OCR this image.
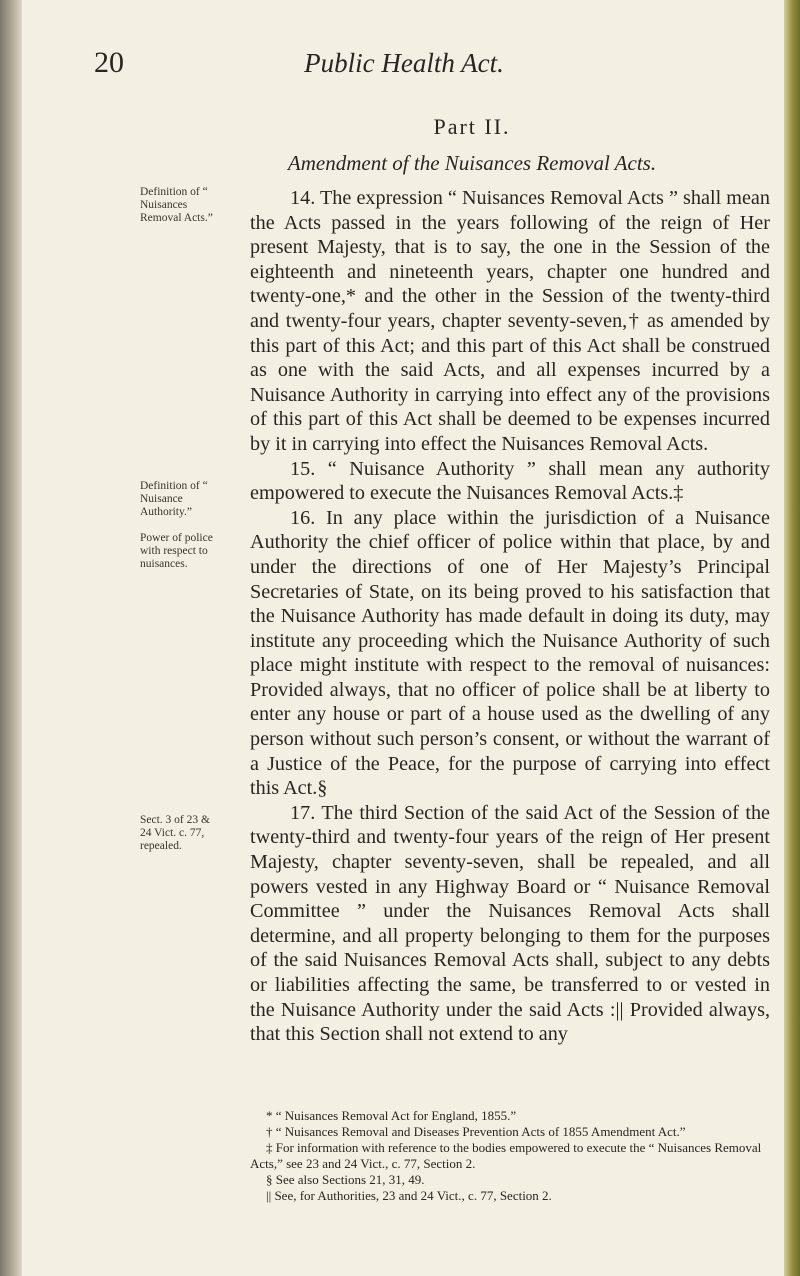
20	Public Health Act.
Part II.
Amendment of the Nuisances Removal Acts.
Definition of “ Nuisances Removal Acts.”
Definition of “ Nuisance Authority.”
Power of police with respect to nuisances.
Sect. 3 of 23 & 24 Vict. c. 77, repealed.

14. The expression “ Nuisances Removal Acts ” shall mean the Acts passed in the years following of the reign of Her present Majesty, that is to say, the one in the Session of the eighteenth and nineteenth years, chapter one hundred and twenty-one,* and the other in the Session of the twenty-third and twenty-four years, chapter seventy-seven,† as amended by this part of this Act; and this part of this Act shall be construed as one with the said Acts, and all expenses incurred by a Nuisance Authority in carrying into effect any of the provisions of this part of this Act shall be deemed to be expenses incurred by it in carrying into effect the Nuisances Removal Acts.

15. “ Nuisance Authority ” shall mean any authority empowered to execute the Nuisances Removal Acts.‡

16. In any place within the jurisdiction of a Nuisance Authority the chief officer of police within that place, by and under the directions of one of Her Majesty’s Principal Secretaries of State, on its being proved to his satisfaction that the Nuisance Authority has made default in doing its duty, may institute any proceeding which the Nuisance Authority of such place might institute with respect to the removal of nuisances: Provided always, that no officer of police shall be at liberty to enter any house or part of a house used as the dwelling of any person without such person’s consent, or without the warrant of a Justice of the Peace, for the purpose of carrying into effect this Act.§

17. The third Section of the said Act of the Session of the twenty-third and twenty-four years of the reign of Her present Majesty, chapter seventy-seven, shall be repealed, and all powers vested in any Highway Board or “ Nuisance Removal Committee ” under the Nuisances Removal Acts shall determine, and all property belonging to them for the purposes of the said Nuisances Removal Acts shall, subject to any debts or liabilities affecting the same, be transferred to or vested in the Nuisance Authority under the said Acts :|| Provided always, that this Section shall not extend to any

* “ Nuisances Removal Act for England, 1855.”

† “ Nuisances Removal and Diseases Prevention Acts of 1855 Amendment Act.”

‡ For information with reference to the bodies empowered to execute the “ Nuisances Removal Acts,” see 23 and 24 Vict., c. 77, Section 2.

§ See also Sections 21, 31, 49.

|| See, for Authorities, 23 and 24 Vict., c. 77, Section 2.
